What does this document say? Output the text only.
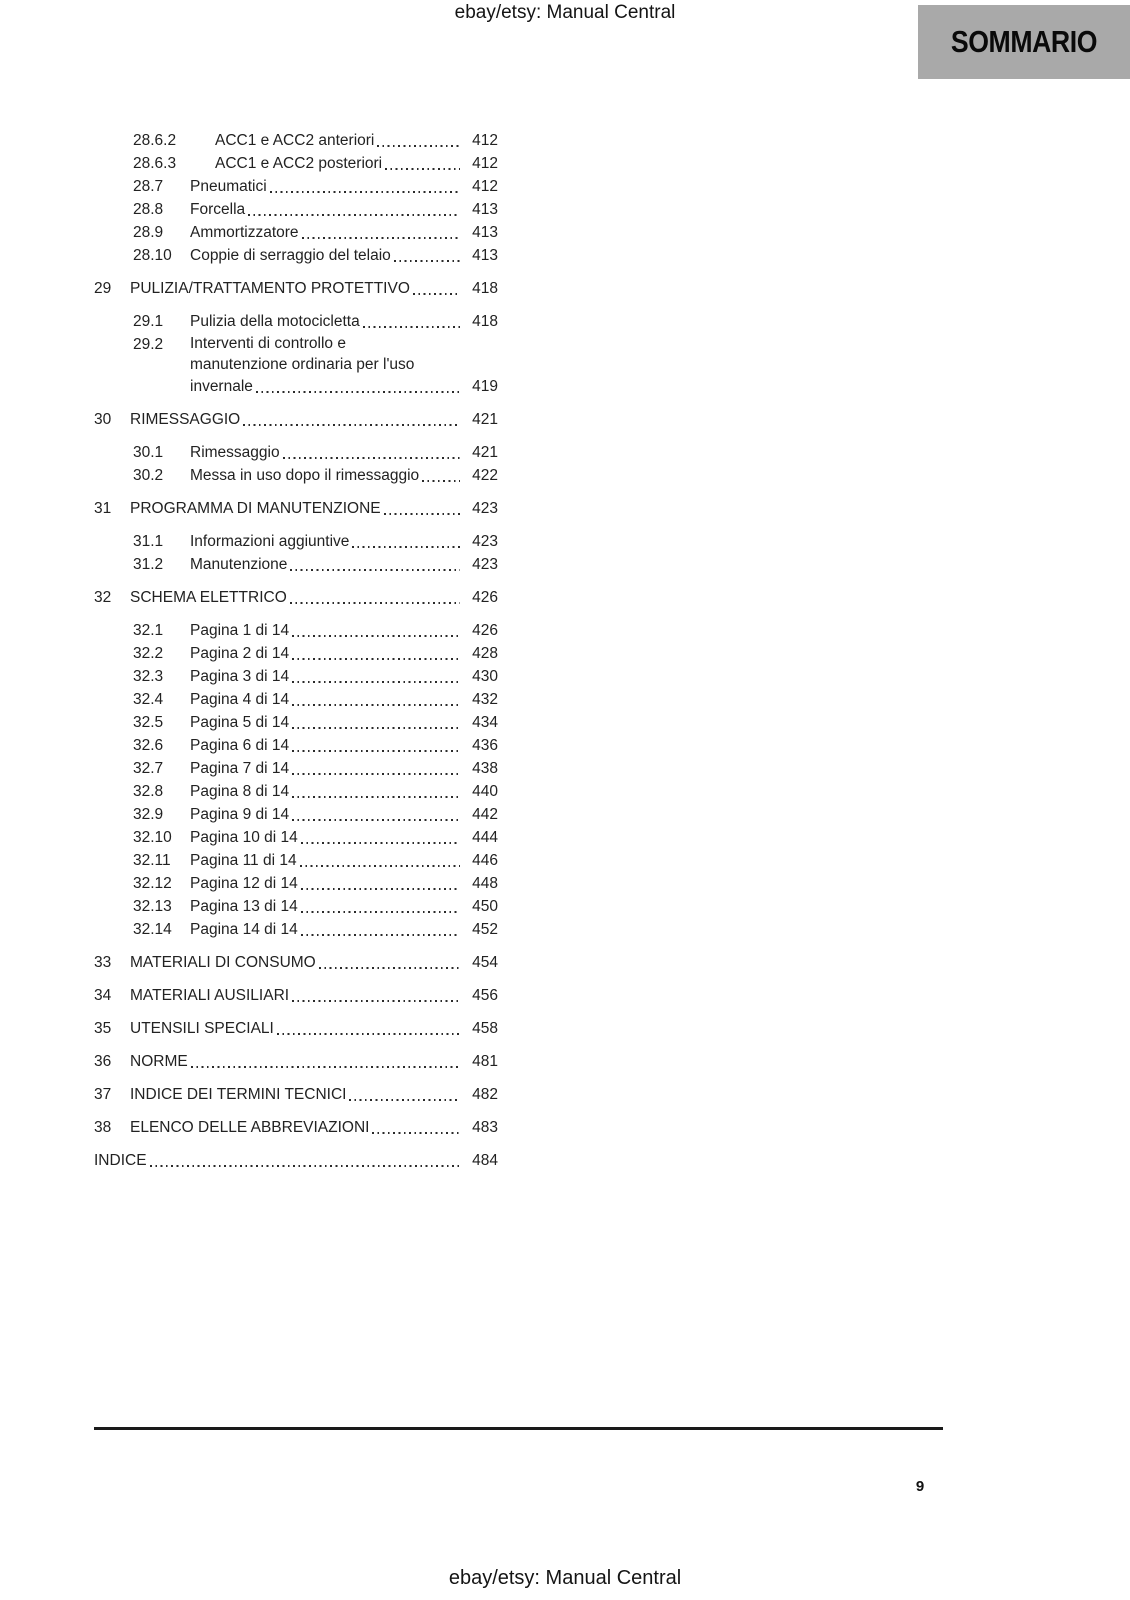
ebay/etsy: Manual Central
SOMMARIO
28.6.2	ACC1 e ACC2 anteriori	412
28.6.3	ACC1 e ACC2 posteriori	412
28.7	Pneumatici	412
28.8	Forcella	413
28.9	Ammortizzatore	413
28.10	Coppie di serraggio del telaio	413
29	PULIZIA/TRATTAMENTO PROTETTIVO	418
29.1	Pulizia della motocicletta	418
29.2	Interventi di controllo e
manutenzione ordinaria per l'uso
invernale	419
30	RIMESSAGGIO	421
30.1	Rimessaggio	421
30.2	Messa in uso dopo il rimessaggio	422
31	PROGRAMMA DI MANUTENZIONE	423
31.1	Informazioni aggiuntive	423
31.2	Manutenzione	423
32	SCHEMA ELETTRICO	426
32.1	Pagina 1 di 14	426
32.2	Pagina 2 di 14	428
32.3	Pagina 3 di 14	430
32.4	Pagina 4 di 14	432
32.5	Pagina 5 di 14	434
32.6	Pagina 6 di 14	436
32.7	Pagina 7 di 14	438
32.8	Pagina 8 di 14	440
32.9	Pagina 9 di 14	442
32.10	Pagina 10 di 14	444
32.11	Pagina 11 di 14	446
32.12	Pagina 12 di 14	448
32.13	Pagina 13 di 14	450
32.14	Pagina 14 di 14	452
33	MATERIALI DI CONSUMO	454
34	MATERIALI AUSILIARI	456
35	UTENSILI SPECIALI	458
36	NORME	481
37	INDICE DEI TERMINI TECNICI	482
38	ELENCO DELLE ABBREVIAZIONI	483
INDICE	484
9
ebay/etsy: Manual Central
